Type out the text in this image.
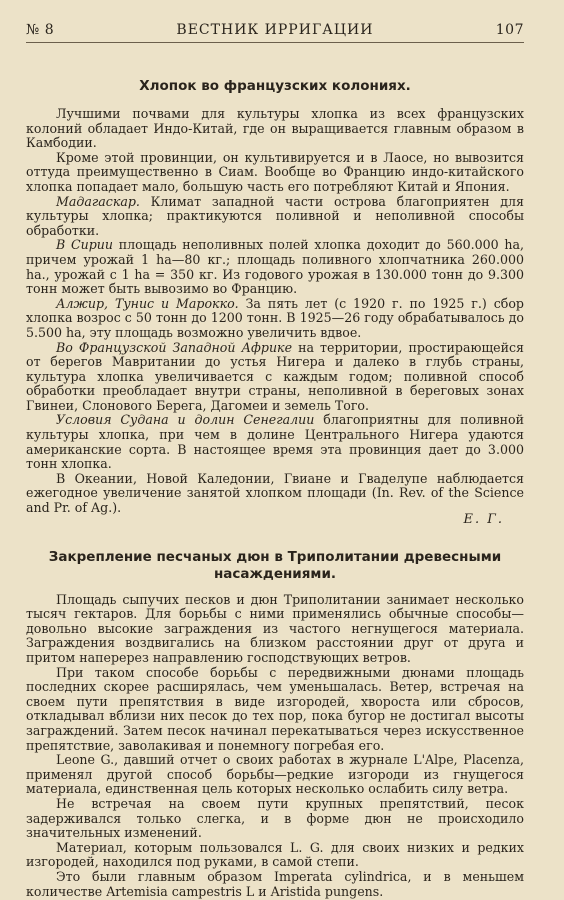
№ 8	ВЕСТНИК ИРРИГАЦИИ	107
Хлопок во французских колониях.

Лучшими почвами для культуры хлопка из всех французских колоний обладает Индо-Китай, где он выращивается главным образом в Камбодии.

Кроме этой провинции, он культивируется и в Лаосе, но вывозится оттуда преимущественно в Сиам. Вообще во Францию индо-китайского хлопка попадает мало, большую часть его потребляют Китай и Япония.

Мадагаскар. Климат западной части острова благоприятен для культуры хлопка; практикуются поливной и неполивной способы обработки.

В Сирии площадь неполивных полей хлопка доходит до 560.000 ha, причем урожай 1 ha—80 кг.; площадь поливного хлопчатника 260.000 ha., урожай с 1 ha = 350 кг. Из годового урожая в 130.000 тонн до 9.300 тонн может быть вывозимо во Францию.

Алжир, Тунис и Марокко. За пять лет (с 1920 г. по 1925 г.) сбор хлопка возрос с 50 тонн до 1200 тонн. В 1925—26 году обрабатывалось до 5.500 ha, эту площадь возможно увеличить вдвое.

Во Французской Западной Африке на территории, простирающейся от берегов Мавритании до устья Нигера и далеко в глубь страны, культура хлопка увеличивается с каждым годом; поливной способ обработки преобладает внутри страны, неполивной в береговых зонах Гвинеи, Слонового Берега, Дагомеи и земель Того.

Условия Судана и долин Сенегалии благоприятны для поливной культуры хлопка, при чем в долине Центрального Нигера удаются американские сорта. В настоящее время эта провинция дает до 3.000 тонн хлопка.

В Океании, Новой Каледонии, Гвиане и Гваделупе наблюдается ежегодное увеличение занятой хлопком площади (In. Rev. of the Science and Pr. of Ag.).

Е. Г.
Закрепление песчаных дюн в Триполитании древесными насаждениями.

Площадь сыпучих песков и дюн Триполитании занимает несколько тысяч гектаров. Для борьбы с ними применялись обычные способы—довольно высокие заграждения из частого негнущегося материала. Заграждения воздвигались на близком расстоянии друг от друга и притом наперерез направлению господствующих ветров.

При таком способе борьбы с передвижными дюнами площадь последних скорее расширялась, чем уменьшалась. Ветер, встречая на своем пути препятствия в виде изгородей, хвороста или сбросов, откладывал вблизи них песок до тех пор, пока бугор не достигал высоты заграждений. Затем песок начинал перекатываться через искусственное препятствие, заволакивая и понемногу погребая его.

Leone G., давший отчет о своих работах в журнале L'Alpe, Placenza, применял другой способ борьбы—редкие изгороди из гнущегося материала, единственная цель которых несколько ослабить силу ветра.

Не встречая на своем пути крупных препятствий, песок задерживался только слегка, и в форме дюн не происходило значительных изменений.

Материал, которым пользовался L. G. для своих низких и редких изгородей, находился под руками, в самой степи.

Это были главным образом Imperata cylindrica, и в меньшем количестве Artemisia campestris L и Aristida pungens.
